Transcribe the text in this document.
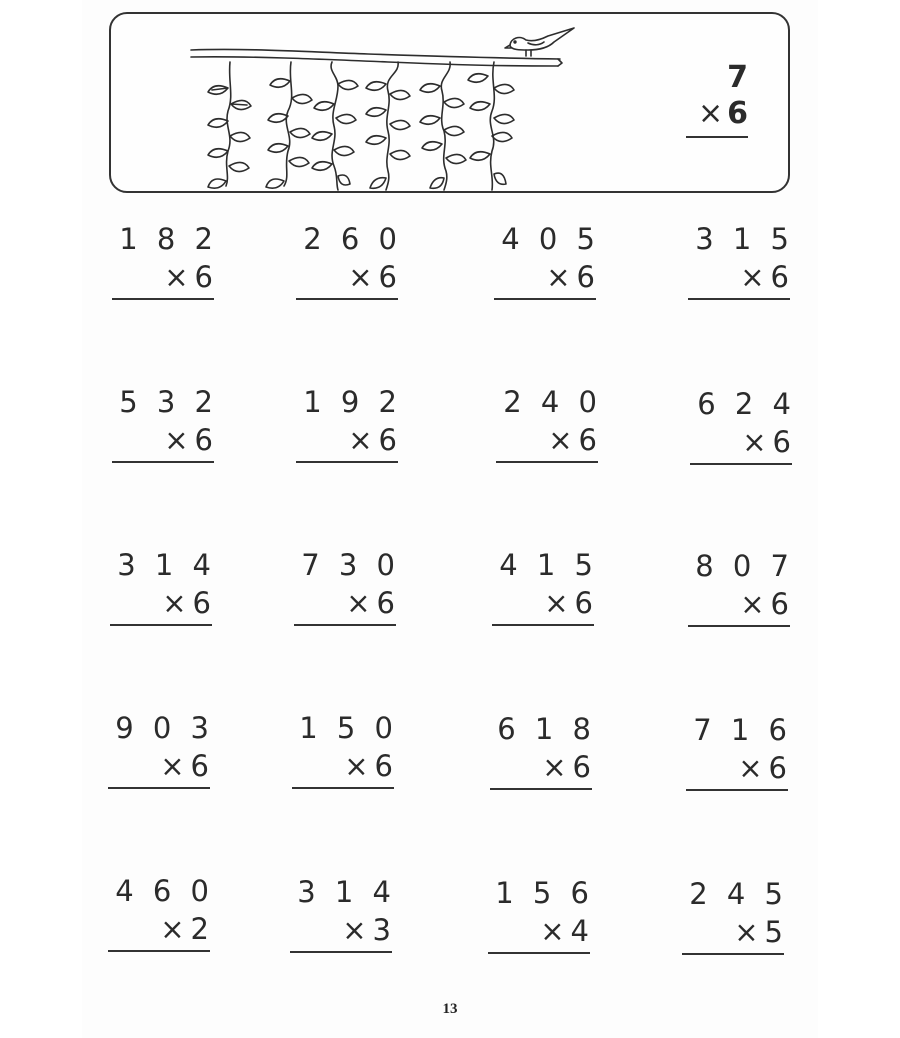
7
× 6
1 8 2
× 6
2 6 0
× 6
4 0 5
× 6
3 1 5
× 6
5 3 2
× 6
1 9 2
× 6
2 4 0
× 6
6 2 4
× 6
3 1 4
× 6
7 3 0
× 6
4 1 5
× 6
8 0 7
× 6
9 0 3
× 6
1 5 0
× 6
6 1 8
× 6
7 1 6
× 6
4 6 0
× 2
3 1 4
× 3
1 5 6
× 4
2 4 5
× 5
13
